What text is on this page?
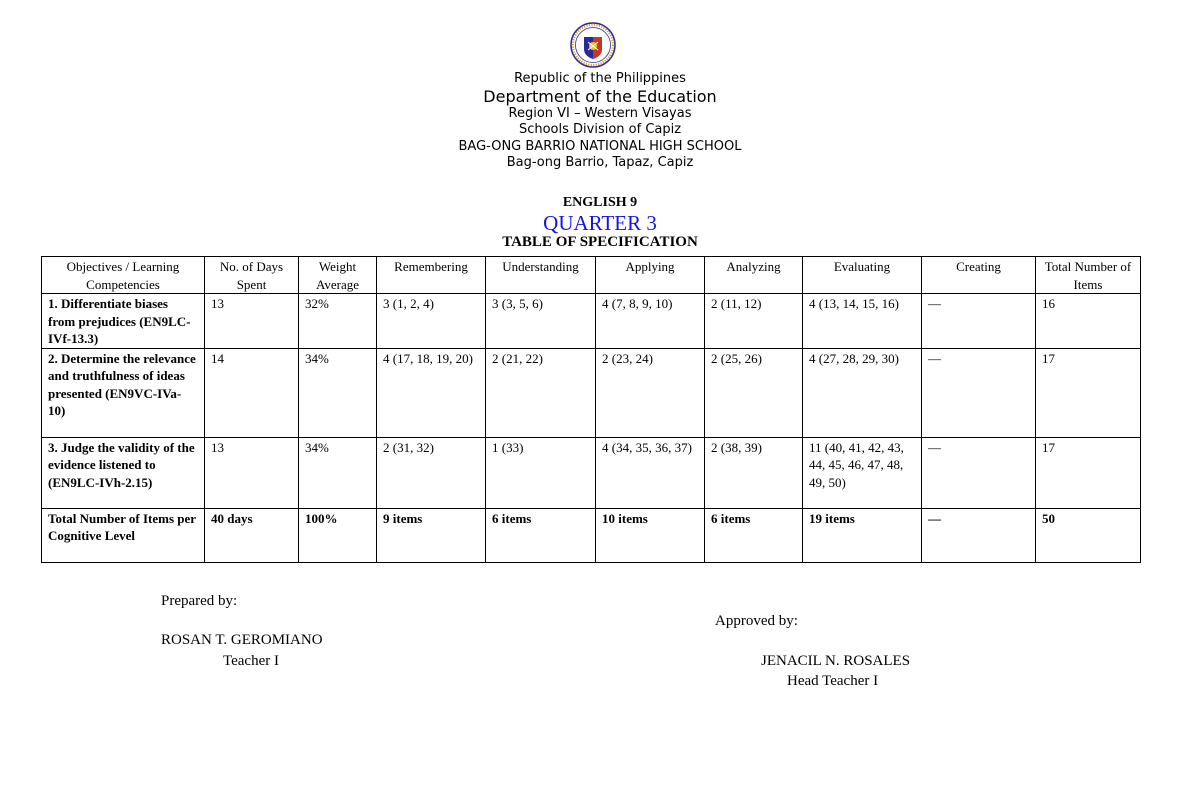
Republic of the Philippines
Department of the Education
Region VI – Western Visayas
Schools Division of Capiz
BAG-ONG BARRIO NATIONAL HIGH SCHOOL
Bag-ong Barrio, Tapaz, Capiz
ENGLISH 9
QUARTER 3
TABLE OF SPECIFICATION
Objectives / Learning Competencies	No. of Days Spent	Weight Average	Remembering	Understanding	Applying	Analyzing	Evaluating	Creating	Total Number of Items
1. Differentiate biases from prejudices (EN9LC-IVf-13.3)	13	32%	3 (1, 2, 4)	3 (3, 5, 6)	4 (7, 8, 9, 10)	2 (11, 12)	4 (13, 14, 15, 16)	—	16
2. Determine the relevance and truthfulness of ideas presented (EN9VC-IVa-10)	14	34%	4 (17, 18, 19, 20)	2 (21, 22)	2 (23, 24)	2 (25, 26)	4 (27, 28, 29, 30)	—	17
3. Judge the validity of the evidence listened to (EN9LC-IVh-2.15)	13	34%	2 (31, 32)	1 (33)	4 (34, 35, 36, 37)	2 (38, 39)	11 (40, 41, 42, 43, 44, 45, 46, 47, 48, 49, 50)	—	17
Total Number of Items per Cognitive Level	40 days	100%	9 items	6 items	10 items	6 items	19 items	—	50
Prepared by:
ROSAN T. GEROMIANO
Teacher I
Approved by:
JENACIL N. ROSALES
Head Teacher I
